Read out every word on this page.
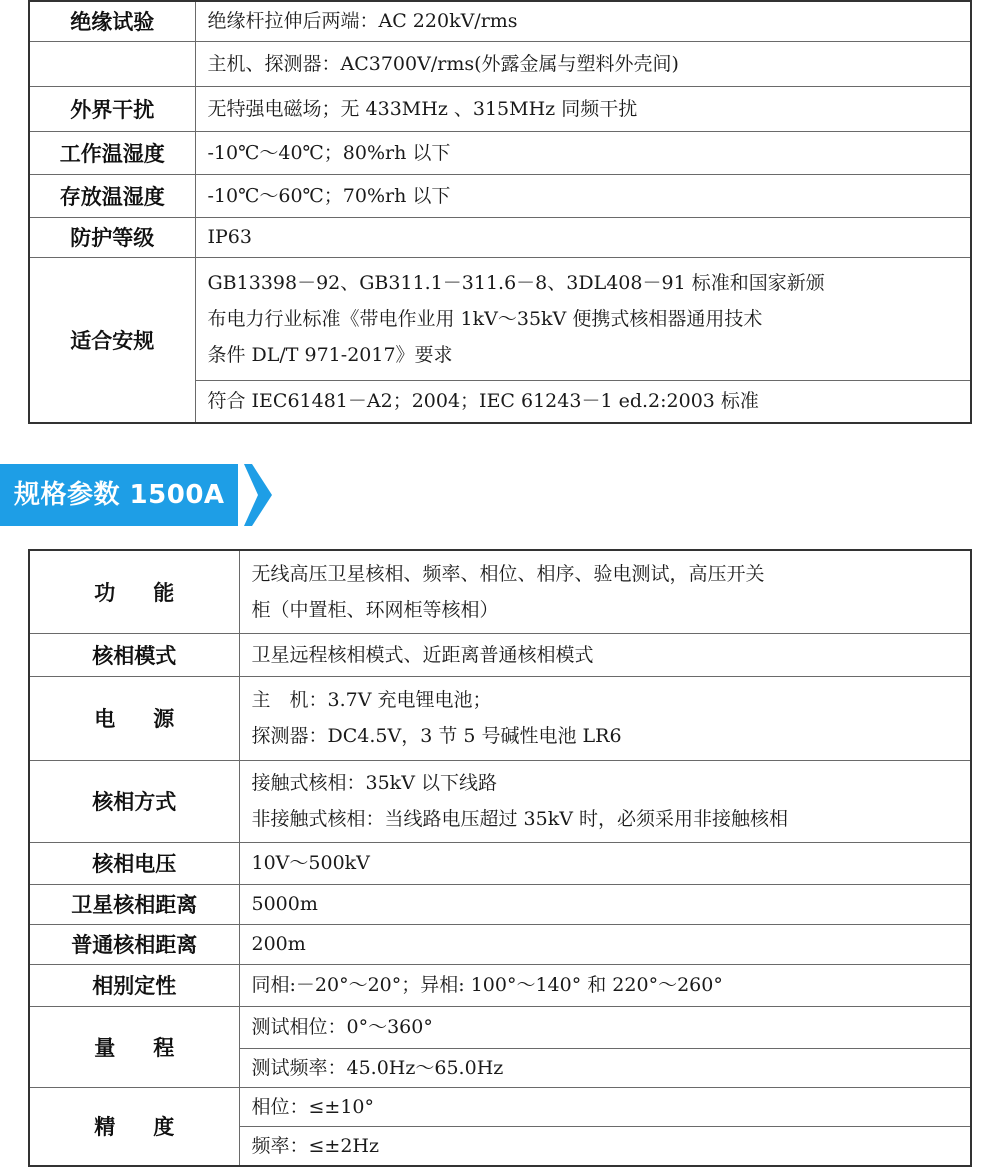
绝缘试验	绝缘杆拉伸后两端：AC 220kV/rms
	主机、探测器：AC3700V/rms(外露金属与塑料外壳间)
外界干扰	无特强电磁场；无 433MHz 、315MHz 同频干扰
工作温湿度	-10℃～40℃；80%rh 以下
存放温湿度	-10℃～60℃；70%rh 以下
防护等级	IP63
适合安规	GB13398－92、GB311.1－311.6－8、3DL408－91 标准和国家新颁
布电力行业标准《带电作业用 1kV～35kV 便携式核相器通用技术
条件 DL/T 971-2017》要求

	符合 IEC61481－A2；2004；IEC 61243－1 ed.2:2003 标准
规格参数 1500A
功能	无线高压卫星核相、频率、相位、相序、验电测试，高压开关
柜（中置柜、环网柜等核相）

核相模式	卫星远程核相模式、近距离普通核相模式
电源	主　机：3.7V 充电锂电池；
探测器：DC4.5V，3 节 5 号碱性电池 LR6

核相方式	接触式核相：35kV 以下线路
非接触式核相：当线路电压超过 35kV 时，必须采用非接触核相

核相电压	10V～500kV
卫星核相距离	5000m
普通核相距离	200m
相别定性	同相:－20°～20°；异相: 100°～140° 和 220°～260°
量程	测试相位：0°～360°
	测试频率：45.0Hz～65.0Hz
精度	相位：≤±10°
	频率：≤±2Hz
